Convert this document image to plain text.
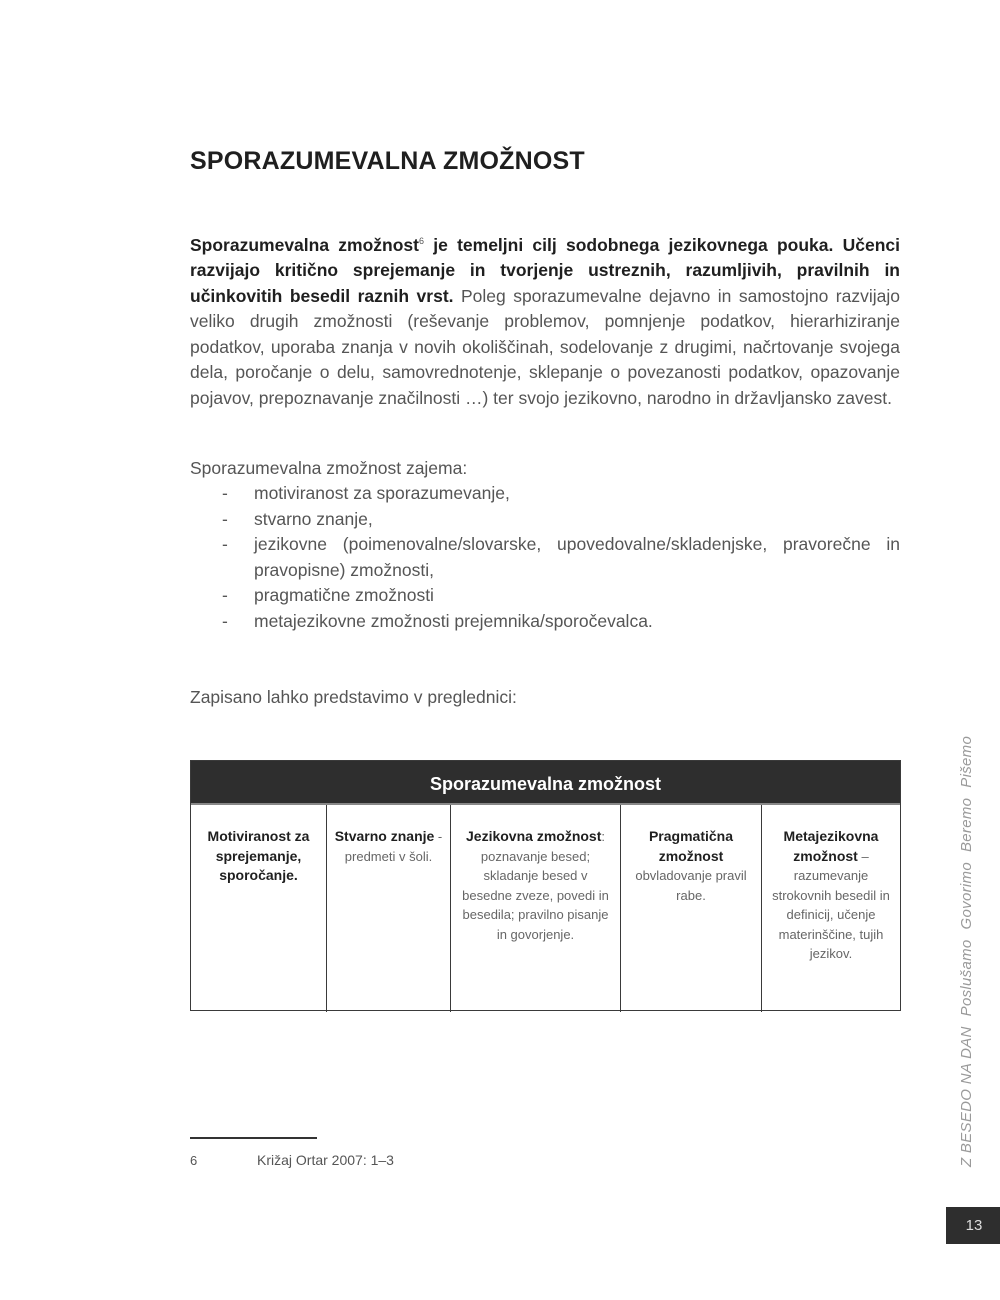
SPORAZUMEVALNA ZMOŽNOST

Sporazumevalna zmožnost$^6$ je temeljni cilj sodobnega jezikovnega pouka. Učenci razvijajo kritično sprejemanje in tvorjenje ustreznih, razumljivih, pravilnih in učinkovitih besedil raznih vrst. Poleg sporazumevalne dejavno in samostojno razvijajo veliko drugih zmožnosti (reševanje problemov, pomnjenje podatkov, hierarhiziranje podatkov, uporaba znanja v novih okoliščinah, sodelovanje z drugimi, načrtovanje svojega dela, poročanje o delu, samovrednotenje, sklepanje o povezanosti podatkov, opazovanje pojavov, prepoznavanje značilnosti …) ter svojo jezikovno, narodno in državljansko zavest.

Sporazumevalna zmožnost zajema:

- motiviranost za sporazumevanje,
- stvarno znanje,
- jezikovne (poimenovalne/slovarske, upovedovalne/skladenjske, pravorečne in pravopisne) zmožnosti,
- pragmatične zmožnosti
- metajezikovne zmožnosti prejemnika/sporočevalca.

Zapisano lahko predstavimo v preglednici:

Sporazumevalna zmožnost
Motiviranost za sprejemanje, sporočanje.
Stvarno znanje -predmeti v šoli.
Jezikovna zmožnost: poznavanje besed; skladanje besed v besedne zveze, povedi in besedila; pravilno pisanje in govorjenje.
Pragmatična zmožnost obvladovanje pravil rabe.
Metajezikovna zmožnost – razumevanje strokovnih besedil in definicij, učenje materinščine, tujih jezikov.
6	Križaj Ortar 2007: 1–3	Z BESEDO NA DANPoslušamoGovorimoBeremoPišemo
13
